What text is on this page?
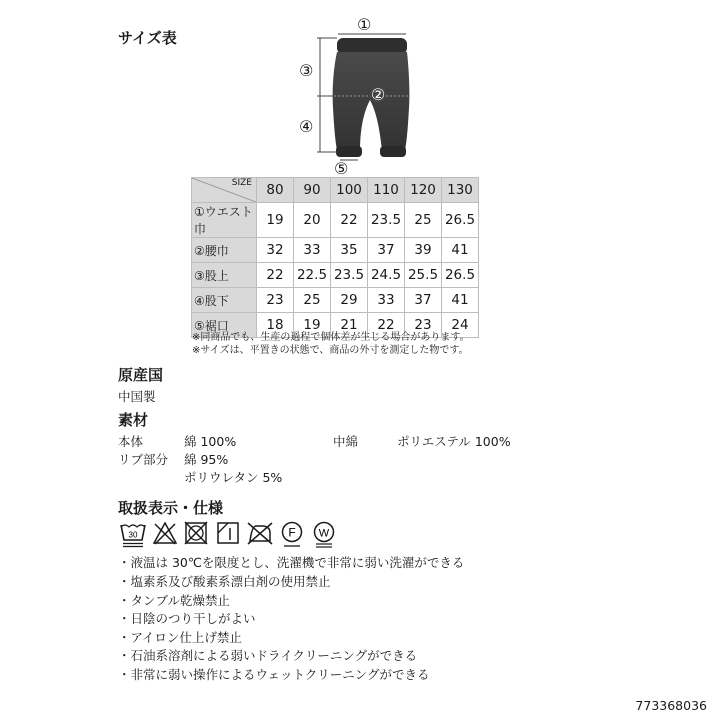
サイズ表
①
②
③
④
⑤
SIZE	80	90	100	110	120	130
①ウエスト巾	19	20	22	23.5	25	26.5
②腰巾	32	33	35	37	39	41
③股上	22	22.5	23.5	24.5	25.5	26.5
④股下	23	25	29	33	37	41
⑤裾口	18	19	21	22	23	24
※同商品でも、生産の過程で個体差が生じる場合があります。
※サイズは、平置きの状態で、商品の外寸を測定した物です。
原産国
中国製
素材
本体	綿 100%	中綿	ポリエステル 100%
リブ部分 綿 95%
ポリウレタン 5%
取扱表示・仕様
30	F W
・液温は 30℃を限度とし、洗濯機で非常に弱い洗濯ができる
・塩素系及び酸素系漂白剤の使用禁止
・タンブル乾燥禁止
・日陰のつり干しがよい
・アイロン仕上げ禁止
・石油系溶剤による弱いドライクリーニングができる
・非常に弱い操作によるウェットクリーニングができる
773368036
